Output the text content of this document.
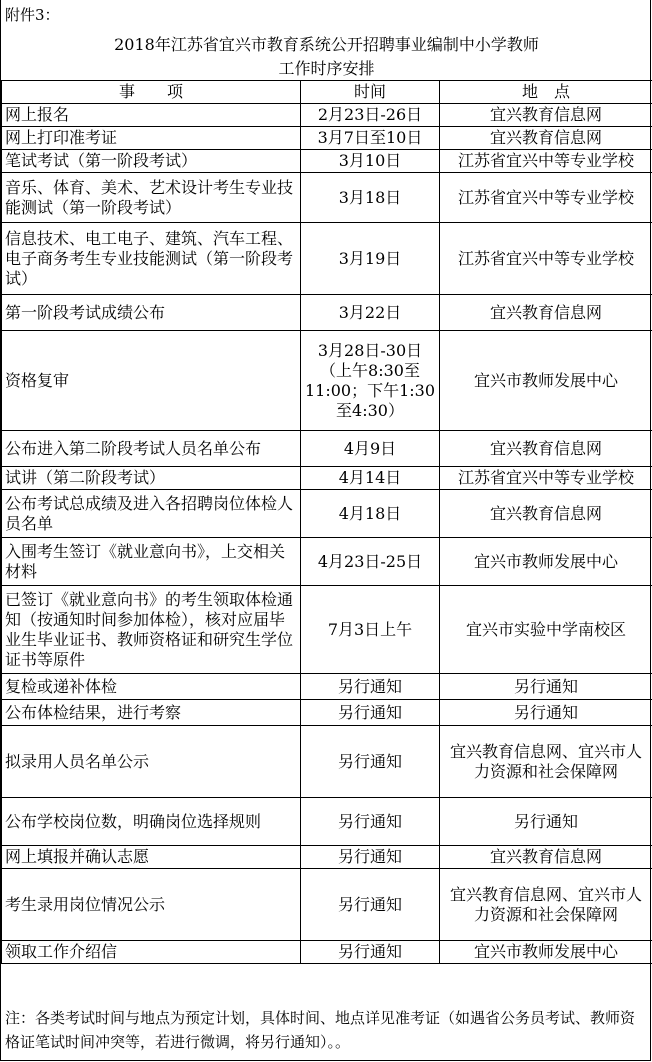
附件3：
2018年江苏省宜兴市教育系统公开招聘事业编制中小学教师
工作时序安排
事　　项	时间	地　点
网上报名	2月23日-26日	宜兴教育信息网
网上打印准考证	3月7日至10日	宜兴教育信息网
笔试考试（第一阶段考试）	3月10日	江苏省宜兴中等专业学校
音乐、体育、美术、艺术设计考生专业技能测试（第一阶段考试）	3月18日	江苏省宜兴中等专业学校
信息技术、电工电子、建筑、汽车工程、电子商务考生专业技能测试（第一阶段考试）	3月19日	江苏省宜兴中等专业学校
第一阶段考试成绩公布	3月22日	宜兴教育信息网
资格复审	3月28日-30日（上午8:30至11:00；下午1:30至4:30）	宜兴市教师发展中心
公布进入第二阶段考试人员名单公布	4月9日	宜兴教育信息网
试讲（第二阶段考试）	4月14日	江苏省宜兴中等专业学校
公布考试总成绩及进入各招聘岗位体检人员名单	4月18日	宜兴教育信息网
入围考生签订《就业意向书》，上交相关材料	4月23日-25日	宜兴市教师发展中心
已签订《就业意向书》的考生领取体检通知（按通知时间参加体检），核对应届毕业生毕业证书、教师资格证和研究生学位证书等原件	7月3日上午	宜兴市实验中学南校区
复检或递补体检	另行通知	另行通知
公布体检结果，进行考察	另行通知	另行通知
拟录用人员名单公示	另行通知	宜兴教育信息网、宜兴市人力资源和社会保障网
公布学校岗位数，明确岗位选择规则	另行通知	另行通知
网上填报并确认志愿	另行通知	宜兴教育信息网
考生录用岗位情况公示	另行通知	宜兴教育信息网、宜兴市人力资源和社会保障网
领取工作介绍信	另行通知	宜兴市教师发展中心
注：各类考试时间与地点为预定计划，具体时间、地点详见准考证（如遇省公务员考试、教师资格证笔试时间冲突等，若进行微调，将另行通知）。。
